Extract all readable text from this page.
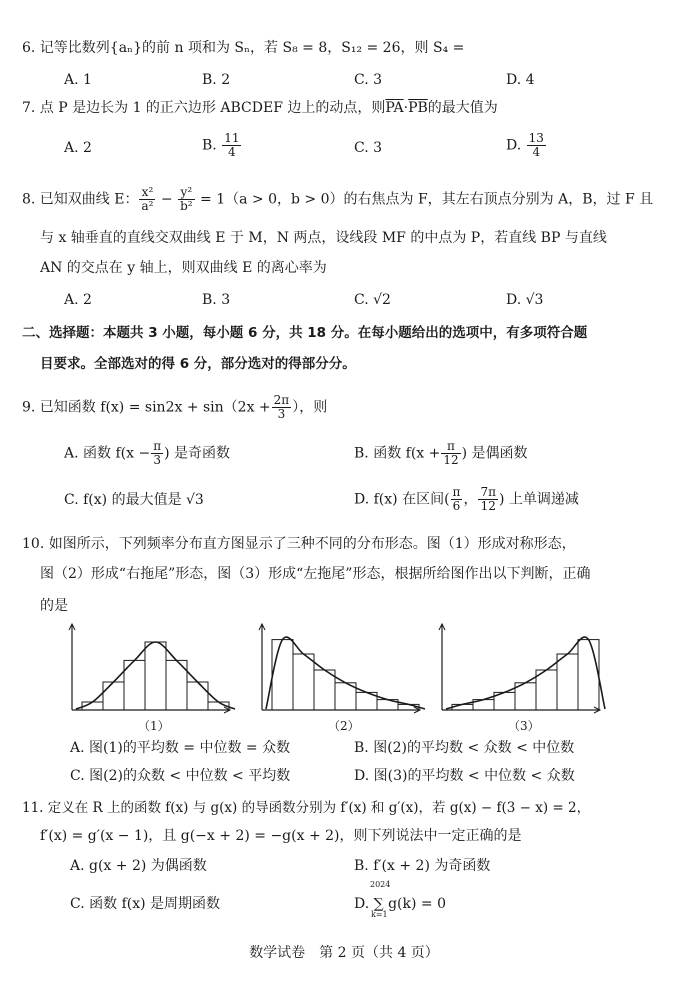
6. 记等比数列{aₙ}的前 n 项和为 Sₙ，若 S₈ = 8，S₁₂ = 26，则 S₄ =
A. 1	B. 2	C. 3	D. 4
7. 点 P 是边长为 1 的正六边形 ABCDEF 边上的动点，则$\overline{PA}\cdot\overline{PB}$的最大值为
A. 2	B. $\frac{11}{4}$	C. 3	D. $\frac{13}{4}$
8. 已知双曲线 E： $\frac{\text{x²}}{\text{a²}} - \frac{\text{y²}}{\text{b²}} = 1(a > 0$，b > 0）的右焦点为 F，其左右顶点分别为 A，B，过 F 且
与 x 轴垂直的直线交双曲线 E 于 M，N 两点，设线段 MF 的中点为 P，若直线 BP 与直线
AN 的交点在 y 轴上，则双曲线 E 的离心率为
A. 2	B. 3	C. √2	D. √3
二、选择题：本题共 3 小题，每小题 6 分，共 18 分。在每小题给出的选项中，有多项符合题
目要求。全部选对的得 6 分，部分选对的得部分分。
9. 已知函数 $f(x) = \sin 2x + \sin(2x + \frac{2\pi}{3}$ ），则
A. 函数 $f(x - \frac{\pi}{3}$ ) 是奇函数	B. 函数 $f(x + \frac{\pi}{12}$ ) 是偶函数
C. f(x) 的最大值是 √3	D. f(x) 在区间( $\frac{\pi}{6}$ ， $\frac{7\pi}{12}$ ) 上单调递减
10. 如图所示，下列频率分布直方图显示了三种不同的分布形态。图（1）形成对称形态，
图（2）形成“右拖尾”形态，图（3）形成“左拖尾”形态，根据所给图作出以下判断，正确
的是
（1）	（2）	（3）
A. 图(1)的平均数 = 中位数 = 众数	B. 图(2)的平均数 < 众数 < 中位数
C. 图(2)的众数 < 中位数 < 平均数	D. 图(3)的平均数 < 中位数 < 众数
11. 定义在 R 上的函数 f(x) 与 g(x) 的导函数分别为 f′(x) 和 g′(x)，若 g(x) − f(3 − x) = 2，
f′(x) = g′(x − 1)，且 g(−x + 2) = −g(x + 2)，则下列说法中一定正确的是
A. g(x + 2) 为偶函数	B. f′(x + 2) 为奇函数
C. 函数 f(x) 是周期函数	D. ∑ g(k) = 0
2024
k=1
数学试卷　第 2 页（共 4 页）
